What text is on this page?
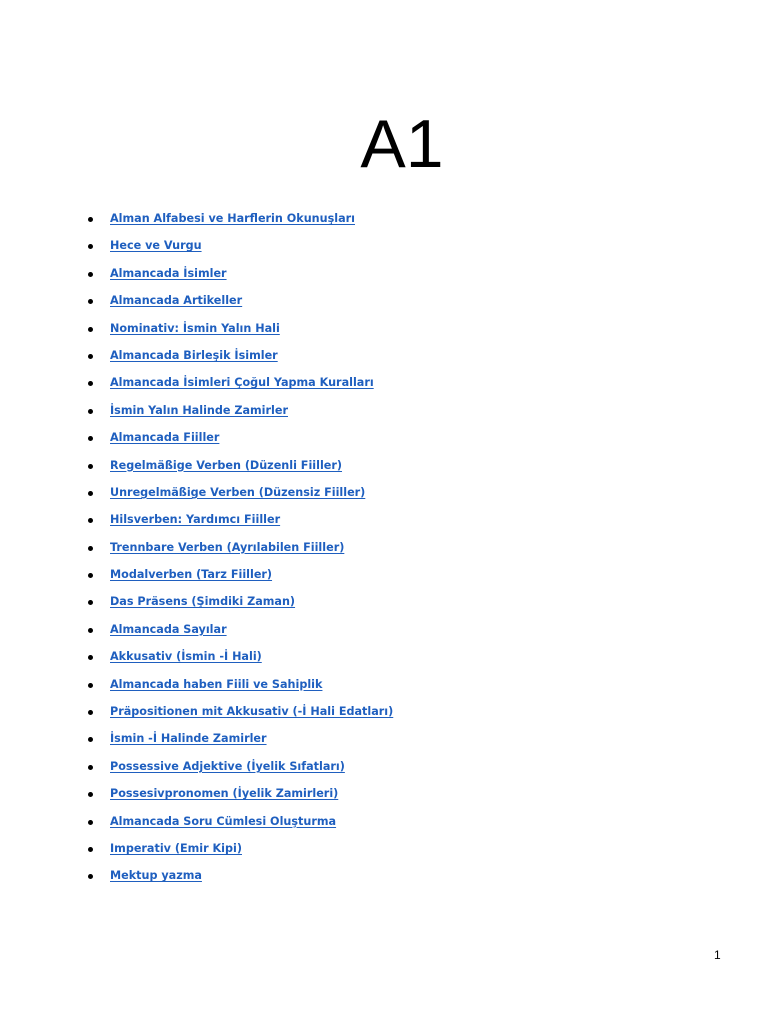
A1
Alman Alfabesi ve Harflerin Okunuşları
Hece ve Vurgu
Almancada İsimler
Almancada Artikeller
Nominativ: İsmin Yalın Hali
Almancada Birleşik İsimler
Almancada İsimleri Çoğul Yapma Kuralları
İsmin Yalın Halinde Zamirler
Almancada Fiiller
Regelmäßige Verben (Düzenli Fiiller)
Unregelmäßige Verben (Düzensiz Fiiller)
Hilsverben: Yardımcı Fiiller
Trennbare Verben (Ayrılabilen Fiiller)
Modalverben (Tarz Fiiller)
Das Präsens (Şimdiki Zaman)
Almancada Sayılar
Akkusativ (İsmin -İ Hali)
Almancada haben Fiili ve Sahiplik
Präpositionen mit Akkusativ (-İ Hali Edatları)
İsmin -İ Halinde Zamirler
Possessive Adjektive (İyelik Sıfatları)
Possesivpronomen (İyelik Zamirleri)
Almancada Soru Cümlesi Oluşturma
Imperativ (Emir Kipi)
Mektup yazma
1
